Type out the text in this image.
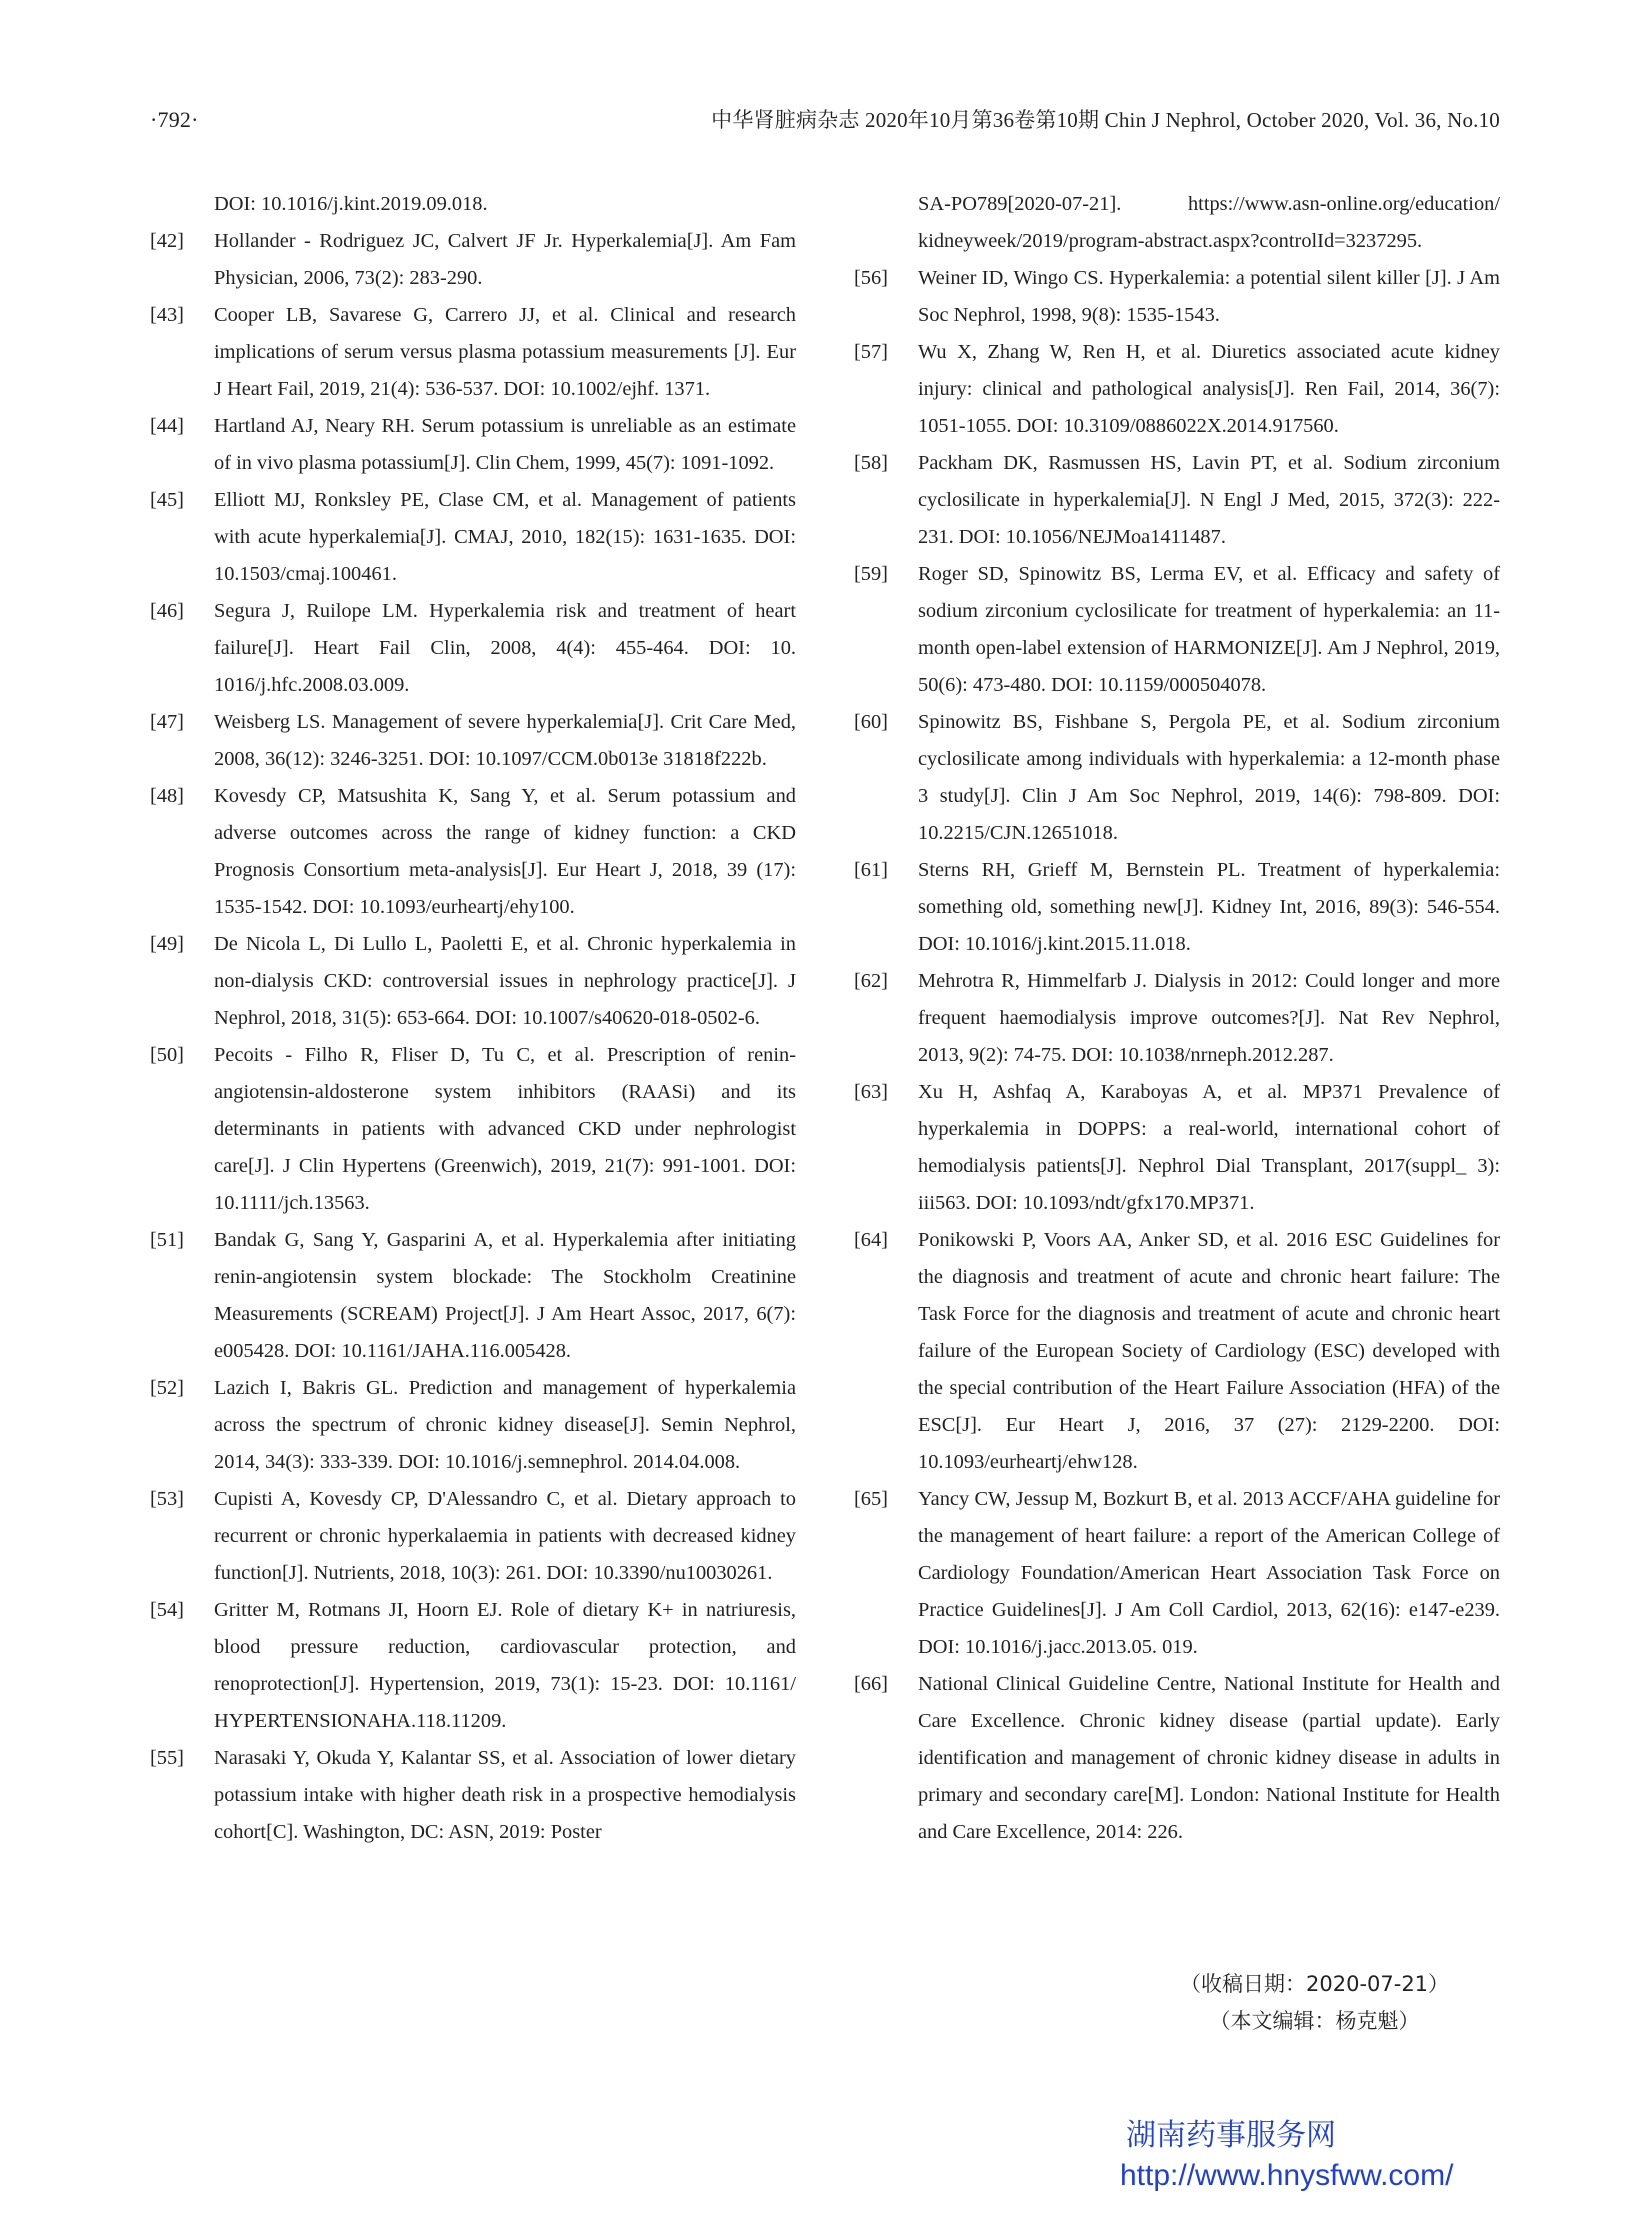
·792·	中华肾脏病杂志 2020年10月第36卷第10期 Chin J Nephrol, October 2020, Vol. 36, No.10
DOI: 10.1016/j.kint.2019.09.018.
[42]	Hollander - Rodriguez JC, Calvert JF Jr. Hyperkalemia[J]. Am Fam Physician, 2006, 73(2): 283-290.
[43]	Cooper LB, Savarese G, Carrero JJ, et al. Clinical and research implications of serum versus plasma potassium measurements [J]. Eur J Heart Fail, 2019, 21(4): 536-537. DOI: 10.1002/ejhf. 1371.
[44]	Hartland AJ, Neary RH. Serum potassium is unreliable as an estimate of in vivo plasma potassium[J]. Clin Chem, 1999, 45(7): 1091-1092.
[45]	Elliott MJ, Ronksley PE, Clase CM, et al. Management of patients with acute hyperkalemia[J]. CMAJ, 2010, 182(15): 1631-1635. DOI: 10.1503/cmaj.100461.
[46]	Segura J, Ruilope LM. Hyperkalemia risk and treatment of heart failure[J]. Heart Fail Clin, 2008, 4(4): 455-464. DOI: 10. 1016/j.hfc.2008.03.009.
[47]	Weisberg LS. Management of severe hyperkalemia[J]. Crit Care Med, 2008, 36(12): 3246-3251. DOI: 10.1097/CCM.0b013e 31818f222b.
[48]	Kovesdy CP, Matsushita K, Sang Y, et al. Serum potassium and adverse outcomes across the range of kidney function: a CKD Prognosis Consortium meta-analysis[J]. Eur Heart J, 2018, 39 (17): 1535-1542. DOI: 10.1093/eurheartj/ehy100.
[49]	De Nicola L, Di Lullo L, Paoletti E, et al. Chronic hyperkalemia in non-dialysis CKD: controversial issues in nephrology practice[J]. J Nephrol, 2018, 31(5): 653-664. DOI: 10.1007/s40620-018-0502-6.
[50]	Pecoits - Filho R, Fliser D, Tu C, et al. Prescription of renin-angiotensin-aldosterone system inhibitors (RAASi) and its determinants in patients with advanced CKD under nephrologist care[J]. J Clin Hypertens (Greenwich), 2019, 21(7): 991-1001. DOI: 10.1111/jch.13563.
[51]	Bandak G, Sang Y, Gasparini A, et al. Hyperkalemia after initiating renin-angiotensin system blockade: The Stockholm Creatinine Measurements (SCREAM) Project[J]. J Am Heart Assoc, 2017, 6(7): e005428. DOI: 10.1161/JAHA.116.005428.
[52]	Lazich I, Bakris GL. Prediction and management of hyperkalemia across the spectrum of chronic kidney disease[J]. Semin Nephrol, 2014, 34(3): 333-339. DOI: 10.1016/j.semnephrol. 2014.04.008.
[53]	Cupisti A, Kovesdy CP, D'Alessandro C, et al. Dietary approach to recurrent or chronic hyperkalaemia in patients with decreased kidney function[J]. Nutrients, 2018, 10(3): 261. DOI: 10.3390/nu10030261.
[54]	Gritter M, Rotmans JI, Hoorn EJ. Role of dietary K+ in natriuresis, blood pressure reduction, cardiovascular protection, and renoprotection[J]. Hypertension, 2019, 73(1): 15-23. DOI: 10.1161/ HYPERTENSIONAHA.118.11209.
[55]	Narasaki Y, Okuda Y, Kalantar SS, et al. Association of lower dietary potassium intake with higher death risk in a prospective hemodialysis cohort[C]. Washington, DC: ASN, 2019: Poster
SA-PO789[2020-07-21]. https://www.asn-online.org/education/ kidneyweek/2019/program-abstract.aspx?controlId=3237295.
[56]	Weiner ID, Wingo CS. Hyperkalemia: a potential silent killer [J]. J Am Soc Nephrol, 1998, 9(8): 1535-1543.
[57]	Wu X, Zhang W, Ren H, et al. Diuretics associated acute kidney injury: clinical and pathological analysis[J]. Ren Fail, 2014, 36(7): 1051-1055. DOI: 10.3109/0886022X.2014.917560.
[58]	Packham DK, Rasmussen HS, Lavin PT, et al. Sodium zirconium cyclosilicate in hyperkalemia[J]. N Engl J Med, 2015, 372(3): 222-231. DOI: 10.1056/NEJMoa1411487.
[59]	Roger SD, Spinowitz BS, Lerma EV, et al. Efficacy and safety of sodium zirconium cyclosilicate for treatment of hyperkalemia: an 11-month open-label extension of HARMONIZE[J]. Am J Nephrol, 2019, 50(6): 473-480. DOI: 10.1159/000504078.
[60]	Spinowitz BS, Fishbane S, Pergola PE, et al. Sodium zirconium cyclosilicate among individuals with hyperkalemia: a 12-month phase 3 study[J]. Clin J Am Soc Nephrol, 2019, 14(6): 798-809. DOI: 10.2215/CJN.12651018.
[61]	Sterns RH, Grieff M, Bernstein PL. Treatment of hyperkalemia: something old, something new[J]. Kidney Int, 2016, 89(3): 546-554. DOI: 10.1016/j.kint.2015.11.018.
[62]	Mehrotra R, Himmelfarb J. Dialysis in 2012: Could longer and more frequent haemodialysis improve outcomes?[J]. Nat Rev Nephrol, 2013, 9(2): 74-75. DOI: 10.1038/nrneph.2012.287.
[63]	Xu H, Ashfaq A, Karaboyas A, et al. MP371 Prevalence of hyperkalemia in DOPPS: a real-world, international cohort of hemodialysis patients[J]. Nephrol Dial Transplant, 2017(suppl_ 3): iii563. DOI: 10.1093/ndt/gfx170.MP371.
[64]	Ponikowski P, Voors AA, Anker SD, et al. 2016 ESC Guidelines for the diagnosis and treatment of acute and chronic heart failure: The Task Force for the diagnosis and treatment of acute and chronic heart failure of the European Society of Cardiology (ESC) developed with the special contribution of the Heart Failure Association (HFA) of the ESC[J]. Eur Heart J, 2016, 37 (27): 2129-2200. DOI: 10.1093/eurheartj/ehw128.
[65]	Yancy CW, Jessup M, Bozkurt B, et al. 2013 ACCF/AHA guideline for the management of heart failure: a report of the American College of Cardiology Foundation/American Heart Association Task Force on Practice Guidelines[J]. J Am Coll Cardiol, 2013, 62(16): e147-e239. DOI: 10.1016/j.jacc.2013.05. 019.
[66]	National Clinical Guideline Centre, National Institute for Health and Care Excellence. Chronic kidney disease (partial update). Early identification and management of chronic kidney disease in adults in primary and secondary care[M]. London: National Institute for Health and Care Excellence, 2014: 226.
（收稿日期：2020-07-21）
（本文编辑：杨克魁）
湖南药事服务网
http://www.hnysfww.com/
